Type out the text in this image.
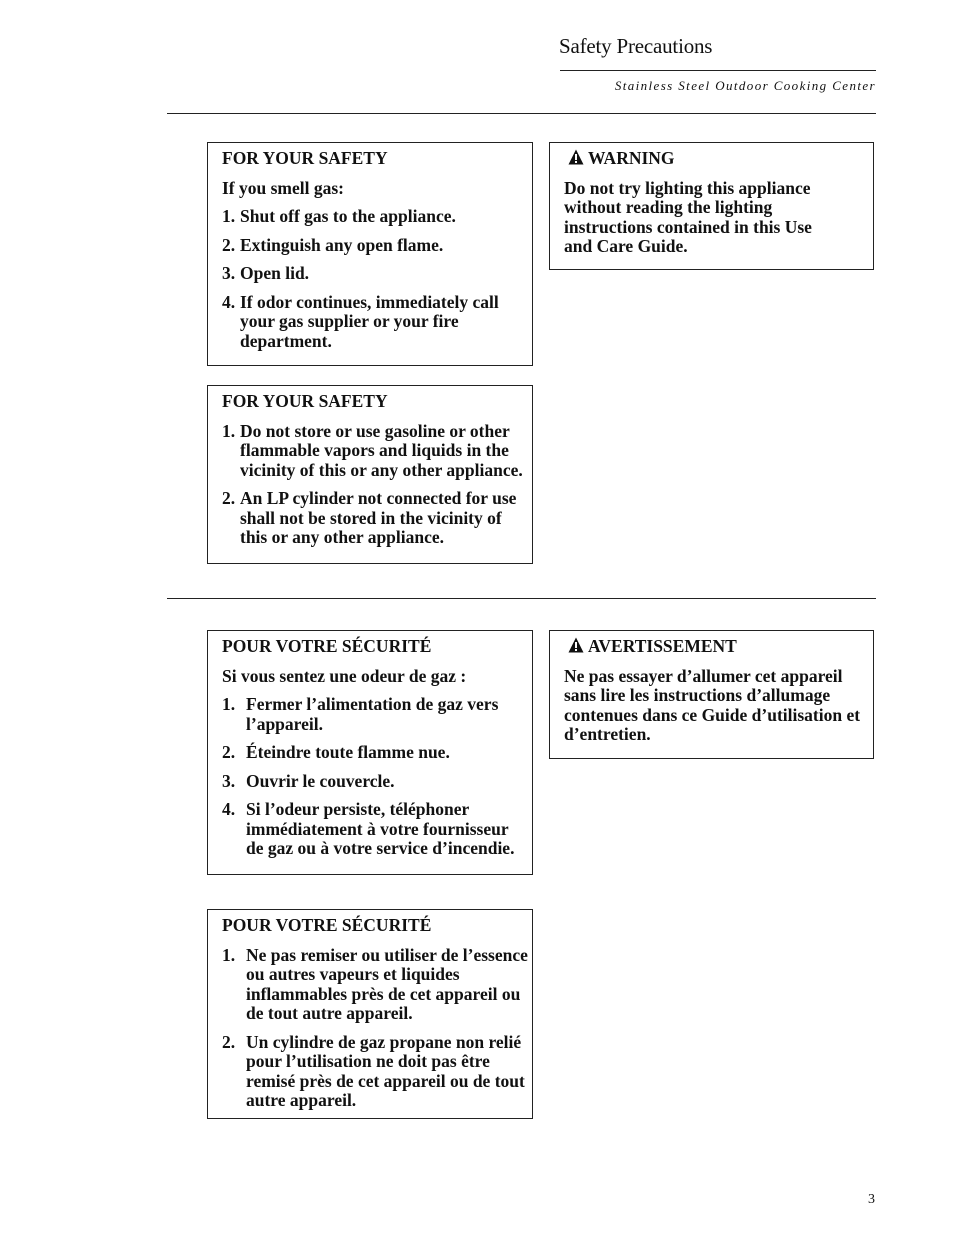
Safety Precautions
Stainless Steel Outdoor Cooking Center
FOR YOUR SAFETY

If you smell gas:

1. Shut off gas to the appliance.
2. Extinguish any open flame.
3. Open lid.
4. If odor continues, immediately call your gas supplier or your fire department.
WARNING
Do not try lighting this appliance without reading the lighting instructions contained in this Use and Care Guide.
FOR YOUR SAFETY
1. Do not store or use gasoline or other flammable vapors and liquids in the vicinity of this or any other appliance.
2. An LP cylinder not connected for use shall not be stored in the vicinity of this or any other appliance.
POUR VOTRE SÉCURITÉ

Si vous sentez une odeur de gaz :

1. Fermer l’alimentation de gaz vers l’appareil.
2. Éteindre toute flamme nue.
3. Ouvrir le couvercle.
4. Si l’odeur persiste, téléphoner immédiatement à votre fournisseur de gaz ou à votre service d’incendie.
AVERTISSEMENT
Ne pas essayer d’allumer cet appareil sans lire les instructions d’allumage contenues dans ce Guide d’utilisation et d’entretien.
POUR VOTRE SÉCURITÉ
1. Ne pas remiser ou utiliser de l’essence ou autres vapeurs et liquides inflammables près de cet appareil ou de tout autre appareil.
2. Un cylindre de gaz propane non relié pour l’utilisation ne doit pas être remisé près de cet appareil ou de tout autre appareil.
3
